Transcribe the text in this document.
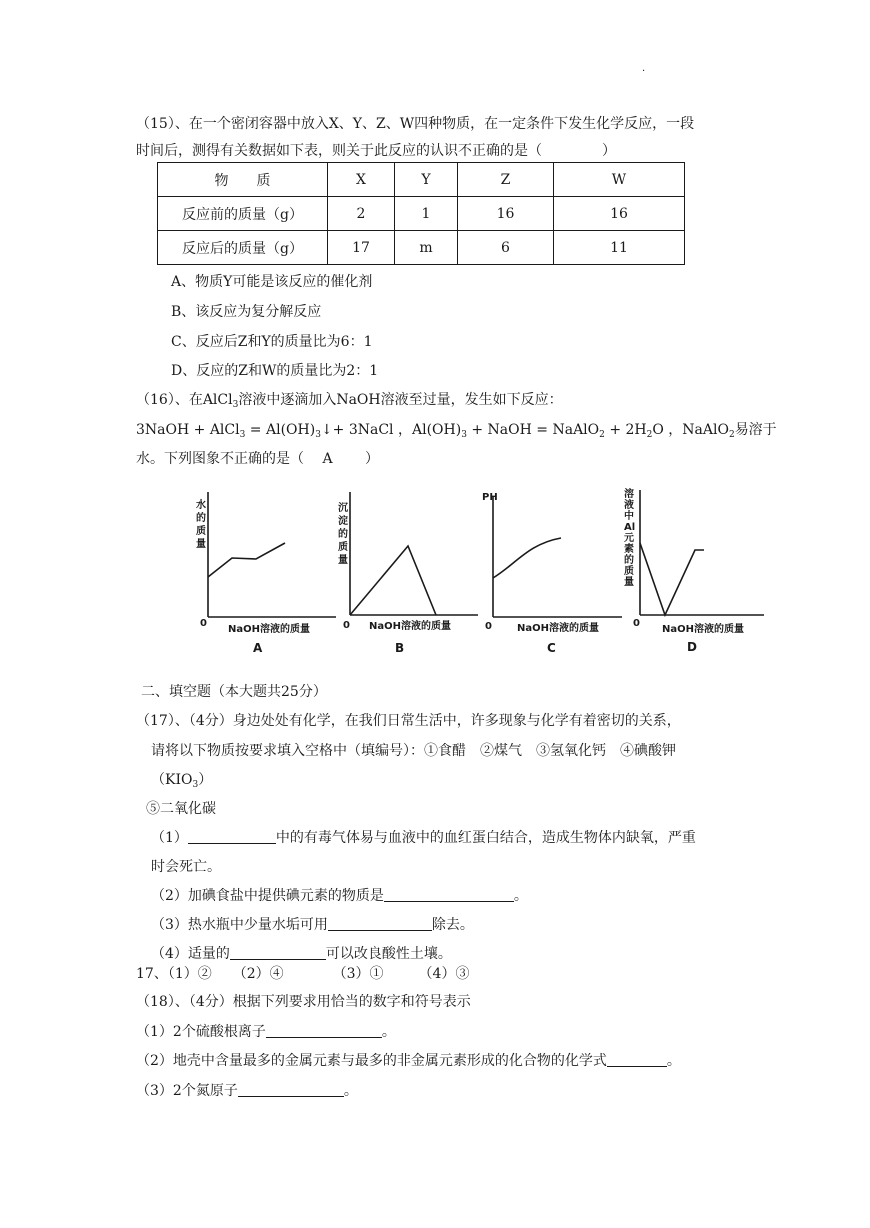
·
（15）、在一个密闭容器中放入X、Y、Z、W四种物质，在一定条件下发生化学反应，一段
时间后，测得有关数据如下表，则关于此反应的认识不正确的是（	）
物　　质	X	Y	Z	W
反应前的质量（g）	2	1	16	16
反应后的质量（g）	17	m	6	11
A、物质Y可能是该反应的催化剂
B、该反应为复分解反应
C、反应后Z和Y的质量比为6：1
D、反应的Z和W的质量比为2：1
（16）、在AlCl$_3$溶液中逐滴加入NaOH溶液至过量，发生如下反应：
3NaOH + AlCl$_3$ = $Al(OH)_3↓+$ 3NaCl ，$Al(OH)_3$ + NaOH = NaAlO$_2$ + $2H_2O$ ，NaAlO$_2$易溶于
水。下列图象不正确的是（　 A 　　）
水
的
质
量
0
NaOH溶液的质量
A
沉
淀
的
质
量
0 NaOH溶液的质量
B
PH
0	NaOH溶液的质量
C
溶
液
中
Al
元
素
的
质
量
0
NaOH溶液的质量
D
二、填空题（本大题共25分）
（17）、（4分）身边处处有化学，在我们日常生活中，许多现象与化学有着密切的关系，
请将以下物质按要求填入空格中（填编号）：①食醋　②煤气　③氢氧化钙　④碘酸钾
$(KIO_3)$
⑤二氧化碳
（1）	中的有毒气体易与血液中的血红蛋白结合，造成生物体内缺氧，严重
时会死亡。
（2）加碘食盐中提供碘元素的物质是	。
（3）热水瓶中少量水垢可用	除去。
（4）适量的	可以改良酸性土壤。
17、（1）②　　（2）④　　　　（3）①　　　（4）③
（18）、（4分）根据下列要求用恰当的数字和符号表示
（1）2个硫酸根离子	。
（2）地壳中含量最多的金属元素与最多的非金属元素形成的化合物的化学式	。
（3）2个氮原子	。
